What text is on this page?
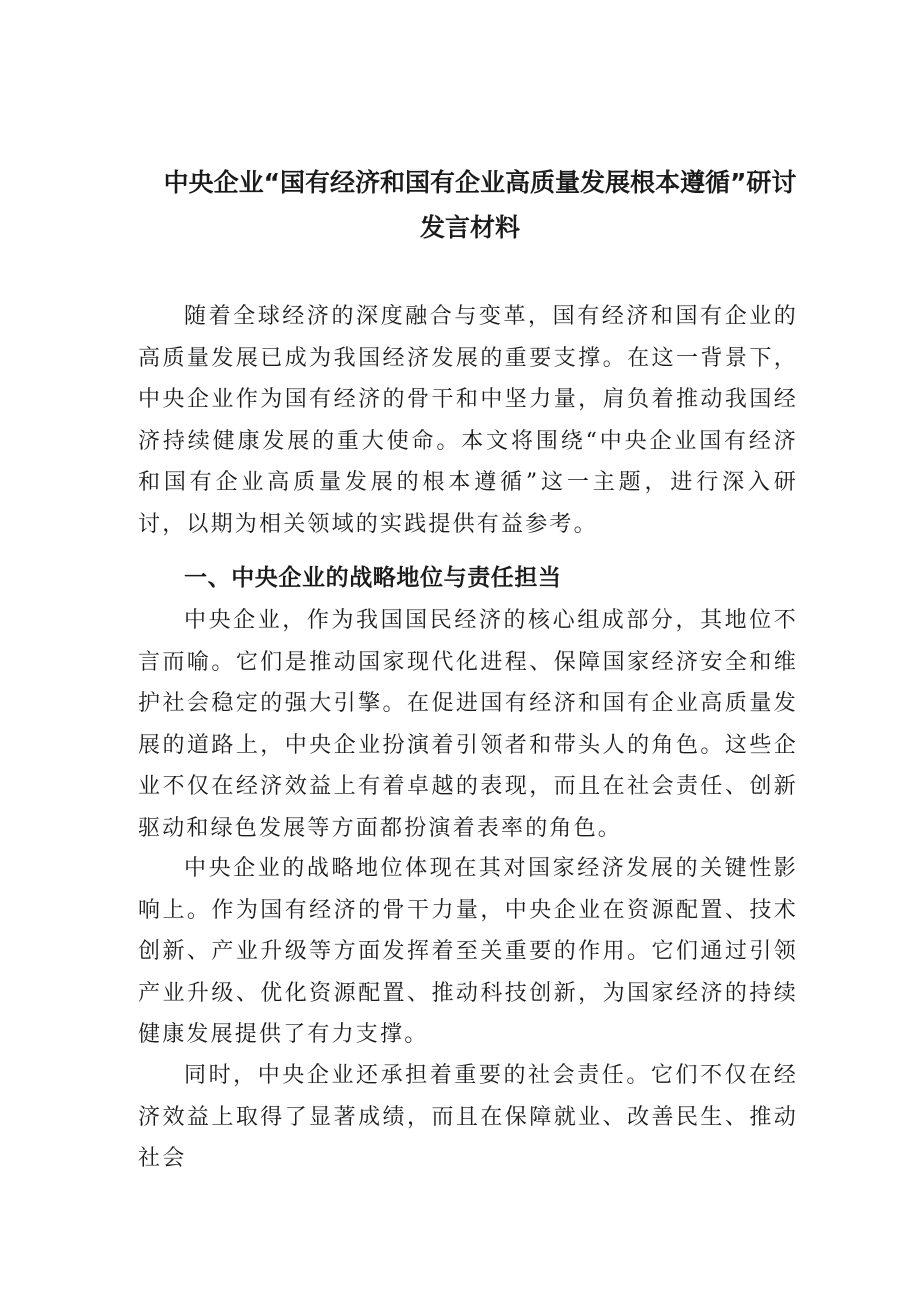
中央企业“国有经济和国有企业高质量发展根本遵循”研讨
发言材料

随着全球经济的深度融合与变革，国有经济和国有企业的高质量发展已成为我国经济发展的重要支撑。在这一背景下，中央企业作为国有经济的骨干和中坚力量，肩负着推动我国经济持续健康发展的重大使命。本文将围绕“中央企业国有经济和国有企业高质量发展的根本遵循”这一主题，进行深入研讨，以期为相关领域的实践提供有益参考。

一、中央企业的战略地位与责任担当

中央企业，作为我国国民经济的核心组成部分，其地位不言而喻。它们是推动国家现代化进程、保障国家经济安全和维护社会稳定的强大引擎。在促进国有经济和国有企业高质量发展的道路上，中央企业扮演着引领者和带头人的角色。这些企业不仅在经济效益上有着卓越的表现，而且在社会责任、创新驱动和绿色发展等方面都扮演着表率的角色。

中央企业的战略地位体现在其对国家经济发展的关键性影响上。作为国有经济的骨干力量，中央企业在资源配置、技术创新、产业升级等方面发挥着至关重要的作用。它们通过引领产业升级、优化资源配置、推动科技创新，为国家经济的持续健康发展提供了有力支撑。

同时，中央企业还承担着重要的社会责任。它们不仅在经济效益上取得了显著成绩，而且在保障就业、改善民生、推动社会
